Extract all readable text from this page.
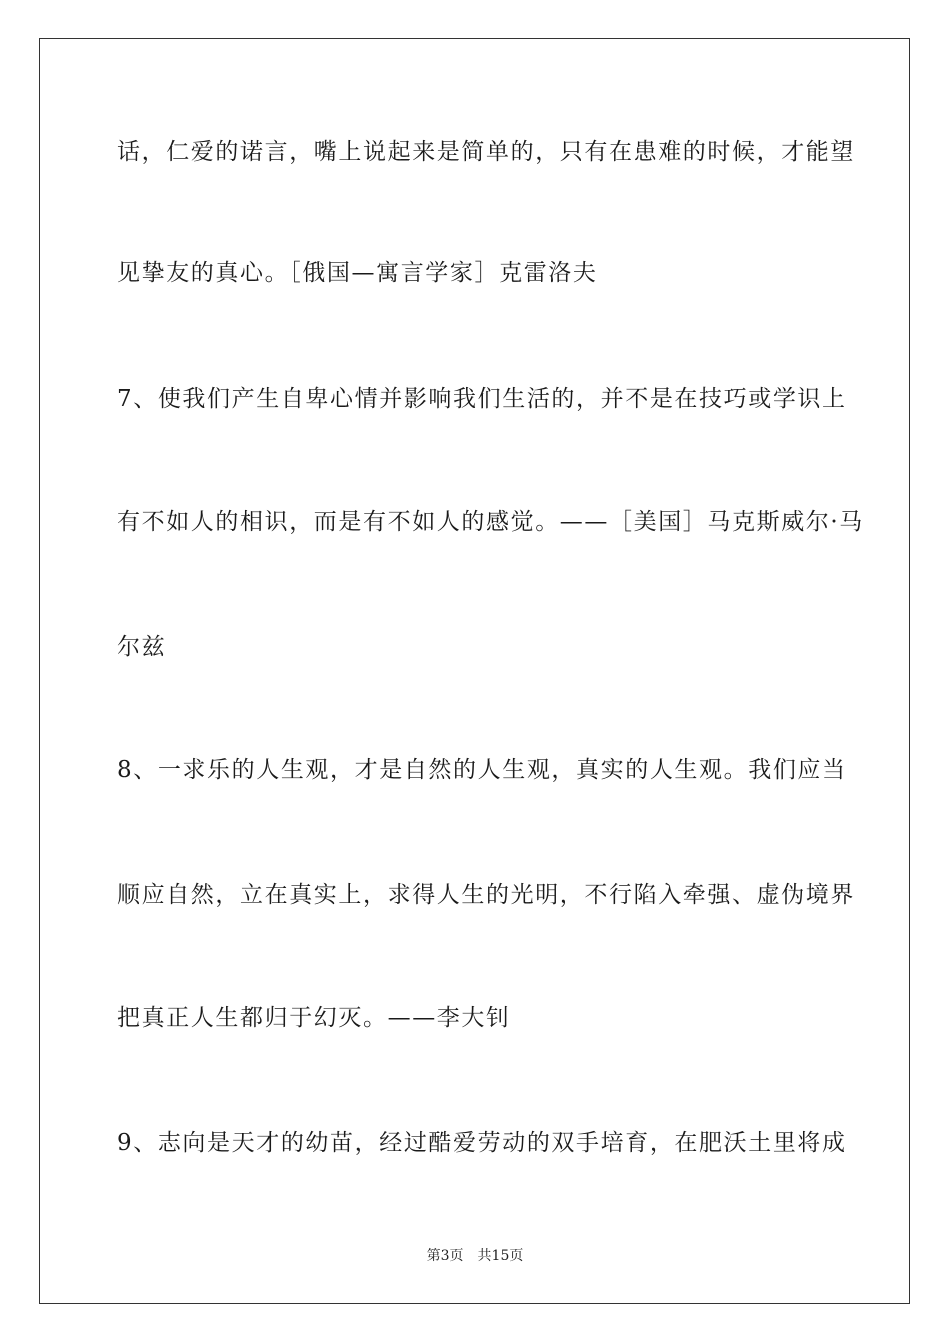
话，仁爱的诺言，嘴上说起来是简单的，只有在患难的时候，才能望
见挚友的真心。［俄国—寓言学家］克雷洛夫
7、使我们产生自卑心情并影响我们生活的，并不是在技巧或学识上
有不如人的相识，而是有不如人的感觉。——［美国］马克斯威尔·马
尔兹
8、一求乐的人生观，才是自然的人生观，真实的人生观。我们应当
顺应自然，立在真实上，求得人生的光明，不行陷入牵强、虚伪境界
把真正人生都归于幻灭。——李大钊
9、志向是天才的幼苗，经过酷爱劳动的双手培育，在肥沃土里将成
第3页 共15页
